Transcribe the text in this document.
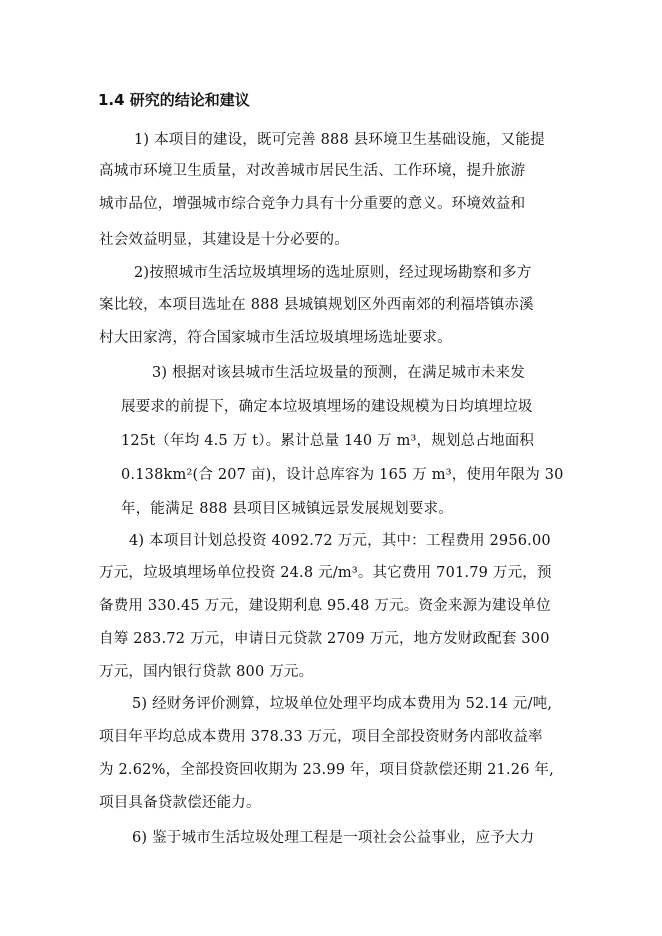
1.4 研究的结论和建议
1) 本项目的建设，既可完善 888 县环境卫生基础设施，又能提
高城市环境卫生质量，对改善城市居民生活、工作环境，提升旅游
城市品位，增强城市综合竞争力具有十分重要的意义。环境效益和
社会效益明显，其建设是十分必要的。
2)按照城市生活垃圾填埋场的选址原则，经过现场勘察和多方
案比较，本项目选址在 888 县城镇规划区外西南郊的利福塔镇赤溪
村大田家湾，符合国家城市生活垃圾填埋场选址要求。
3) 根据对该县城市生活垃圾量的预测，在满足城市未来发
展要求的前提下，确定本垃圾填埋场的建设规模为日均填埋垃圾
125t（年均 4.5 万 t）。累计总量 140 万 m³，规划总占地面积
0.138km²(合 207 亩)，设计总库容为 165 万 m³，使用年限为 30
年，能满足 888 县项目区城镇远景发展规划要求。
4) 本项目计划总投资 4092.72 万元，其中：工程费用 2956.00
万元，垃圾填埋场单位投资 24.8 元/m³。其它费用 701.79 万元，预
备费用 330.45 万元，建设期利息 95.48 万元。资金来源为建设单位
自筹 283.72 万元，申请日元贷款 2709 万元，地方发财政配套 300
万元，国内银行贷款 800 万元。
5) 经财务评价测算，垃圾单位处理平均成本费用为 52.14 元/吨,
项目年平均总成本费用 378.33 万元，项目全部投资财务内部收益率
为 2.62%，全部投资回收期为 23.99 年，项目贷款偿还期 21.26 年,
项目具备贷款偿还能力。
6) 鉴于城市生活垃圾处理工程是一项社会公益事业，应予大力
